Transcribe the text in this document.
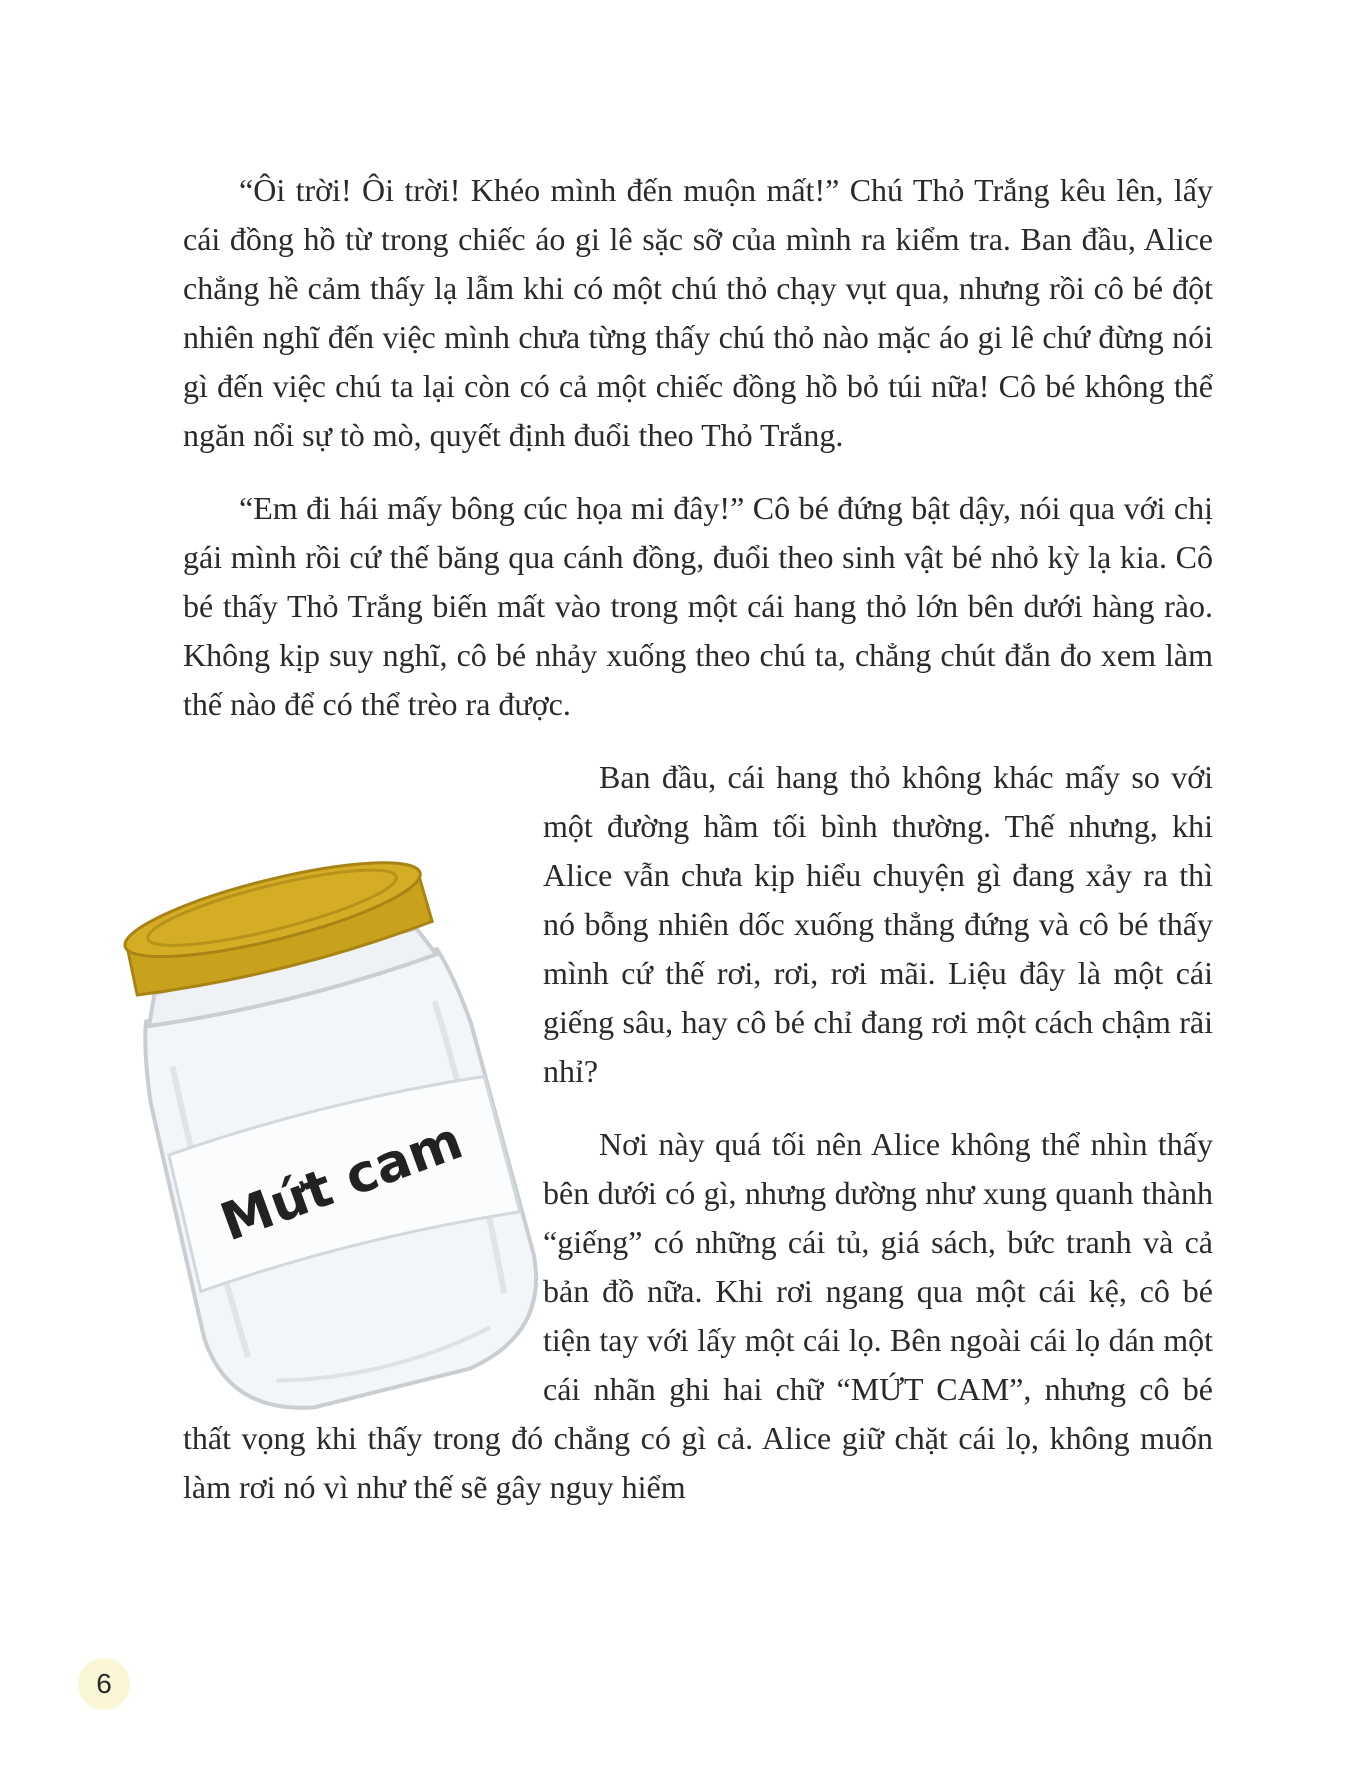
“Ôi trời! Ôi trời! Khéo mình đến muộn mất!” Chú Thỏ Trắng kêu lên, lấy cái đồng hồ từ trong chiếc áo gi lê sặc sỡ của mình ra kiểm tra. Ban đầu, Alice chẳng hề cảm thấy lạ lẫm khi có một chú thỏ chạy vụt qua, nhưng rồi cô bé đột nhiên nghĩ đến việc mình chưa từng thấy chú thỏ nào mặc áo gi lê chứ đừng nói gì đến việc chú ta lại còn có cả một chiếc đồng hồ bỏ túi nữa! Cô bé không thể ngăn nổi sự tò mò, quyết định đuổi theo Thỏ Trắng.

“Em đi hái mấy bông cúc họa mi đây!” Cô bé đứng bật dậy, nói qua với chị gái mình rồi cứ thế băng qua cánh đồng, đuổi theo sinh vật bé nhỏ kỳ lạ kia. Cô bé thấy Thỏ Trắng biến mất vào trong một cái hang thỏ lớn bên dưới hàng rào. Không kịp suy nghĩ, cô bé nhảy xuống theo chú ta, chẳng chút đắn đo xem làm thế nào để có thể trèo ra được.

Ban đầu, cái hang thỏ không khác mấy so với một đường hầm tối bình thường. Thế nhưng, khi Alice vẫn chưa kịp hiểu chuyện gì đang xảy ra thì nó bỗng nhiên dốc xuống thẳng đứng và cô bé thấy mình cứ thế rơi, rơi, rơi mãi. Liệu đây là một cái giếng sâu, hay cô bé chỉ đang rơi một cách chậm rãi nhỉ?

Nơi này quá tối nên Alice không thể nhìn thấy bên dưới có gì, nhưng dường như xung quanh thành “giếng” có những cái tủ, giá sách, bức tranh và cả bản đồ nữa. Khi rơi ngang qua một cái kệ, cô bé tiện tay với lấy một cái lọ. Bên ngoài cái lọ dán một cái nhãn ghi hai chữ “MỨT CAM”, nhưng cô bé thất vọng khi thấy trong đó chẳng có gì cả. Alice giữ chặt cái lọ, không muốn làm rơi nó vì như thế sẽ gây nguy hiểm

Mứt cam
6
